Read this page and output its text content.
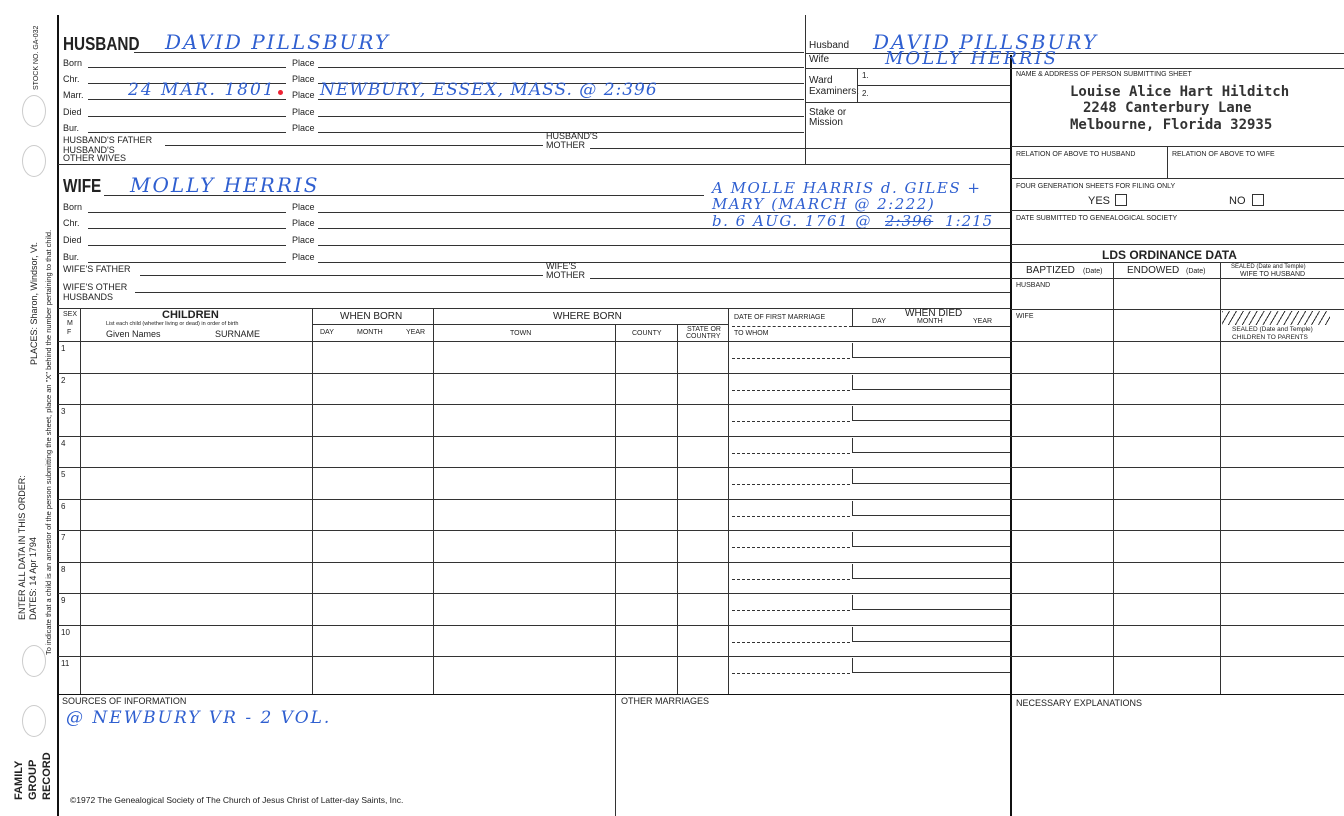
STOCK NO. GA-032
PLACES: Sharon, Windsor, Vt. To indicate that a child is an ancestor of the person submitting the sheet, place an "X" behind the number pertaining to that child.
ENTER ALL DATA IN THIS ORDER: DATES: 14 Apr 1794
FAMILY GROUP RECORD
HUSBAND DAVID PILLSBURY
Born	Place
Chr.	Place
Marr.	24 MAR. 1801 Place NEWBURY, ESSEX, MASS. @ 2:396
Died	Place
Bur.	Place
HUSBAND'S FATHER	HUSBAND'S
MOTHER
HUSBAND'S
OTHER WIVES
Husband DAVID PILLSBURY
Wife	MOLLY HERRIS
Ward
Examiners:
1.
2.
Stake or
Mission
NAME & ADDRESS OF PERSON SUBMITTING SHEET
Louise Alice Hart Hilditch
2248 Canterbury Lane
Melbourne, Florida 32935
RELATION OF ABOVE TO HUSBAND	RELATION OF ABOVE TO WIFE
FOUR GENERATION SHEETS FOR FILING ONLY
YES	NO
DATE SUBMITTED TO GENEALOGICAL SOCIETY
LDS ORDINANCE DATA
BAPTIZED (Date) ENDOWED (Date)
SEALED (Date and Temple)
WIFE TO HUSBAND
HUSBAND
WIFE
SEALED (Date and Temple)
CHILDREN TO PARENTS
WIFE MOLLY HERRIS	A MOLLE HARRIS d. GILES +
MARY (MARCH @ 2:222)
b. 6 AUG. 1761 @ 2:396 1:215
Born	Place
Chr.	Place
Died	Place
Bur.	Place
WIFE'S FATHER	WIFE'S
MOTHER
WIFE'S OTHER
HUSBANDS
SEX
M
F
CHILDREN
List each child (whether living or dead) in order of birth
Given Names	SURNAME
WHEN BORN
DAY	MONTH	YEAR
WHERE BORN
TOWN	COUNTY
STATE OR
COUNTRY
DATE OF FIRST MARRIAGE
TO WHOM
WHEN DIED
DAY	MONTH	YEAR
1
2
3
4
5
6
7
8
9
10
11
SOURCES OF INFORMATION
@ NEWBURY VR - 2 VOL.
OTHER MARRIAGES	NECESSARY EXPLANATIONS
©1972 The Genealogical Society of The Church of Jesus Christ of Latter-day Saints, Inc.
